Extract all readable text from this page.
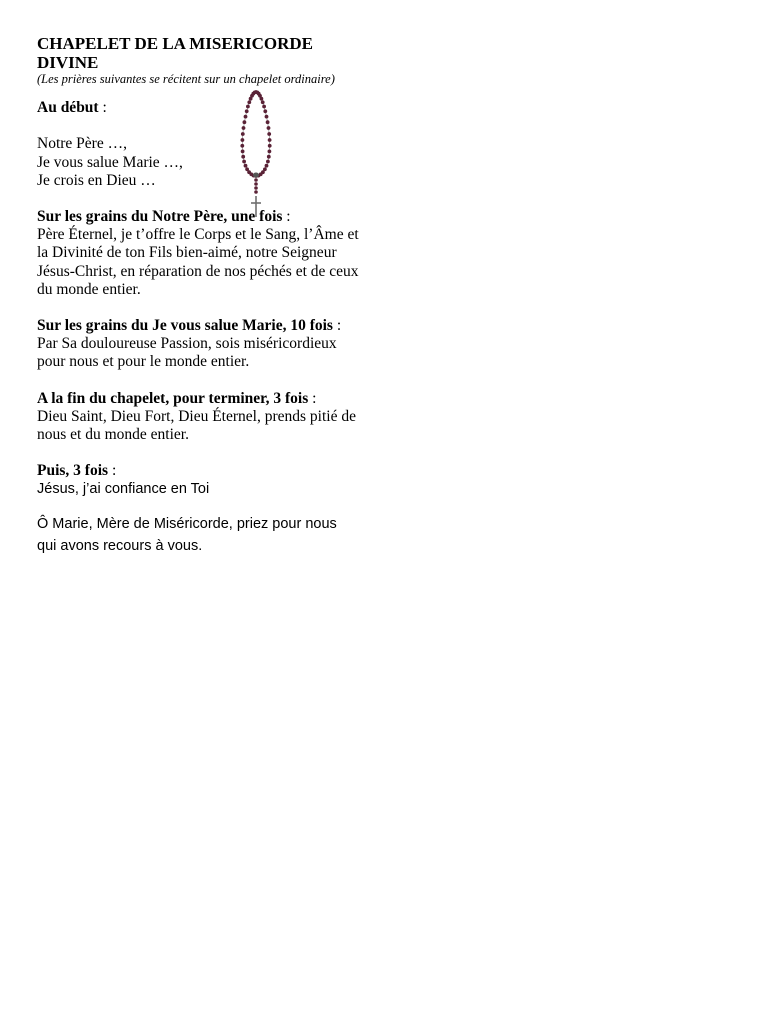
CHAPELET DE LA MISERICORDE DIVINE

(Les prières suivantes se récitent sur un chapelet ordinaire)

Au début :

Notre Père …,

Je vous salue Marie …,

Je crois en Dieu …

Sur les grains du Notre Père, une fois :

Père Éternel, je t’offre le Corps et le Sang, l’Âme et la Divinité de ton Fils bien-aimé, notre Seigneur Jésus-Christ, en réparation de nos péchés et de ceux du monde entier.

Sur les grains du Je vous salue Marie, 10 fois :

Par Sa douloureuse Passion, sois miséricordieux pour nous et pour le monde entier.

A la fin du chapelet, pour terminer, 3 fois :

Dieu Saint, Dieu Fort, Dieu Éternel, prends pitié de nous et du monde entier.

Puis, 3 fois :

Jésus, j’ai confiance en Toi

Ô Marie, Mère de Miséricorde, priez pour nous qui avons recours à vous.
